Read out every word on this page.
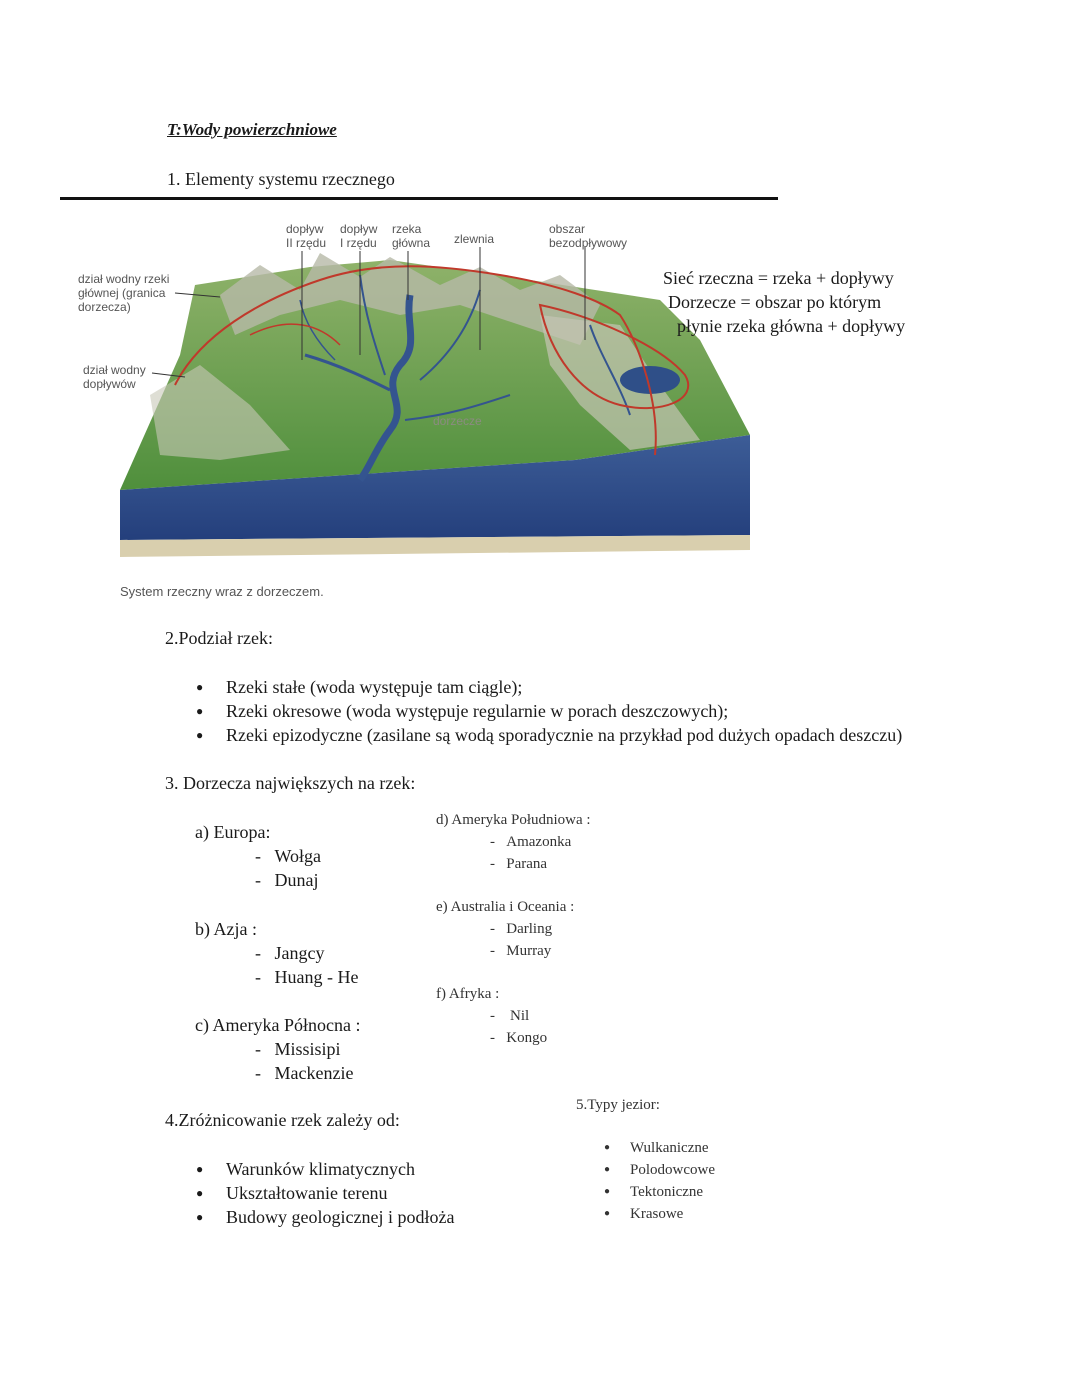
T:Wody powierzchniowe
1. Elementy systemu rzecznego
dopływ
II rzędu
dopływ
I rzędu
rzeka
główna zlewnia
obszar
bezodpływowy
dział wodny rzeki
głównej (granica
dorzecza)
dział wodny
dopływów
dorzecze
System rzeczny wraz z dorzeczem.
Sieć rzeczna = rzeka + dopływy
Dorzecze = obszar po którym
płynie rzeka główna + dopływy
2.Podział rzek:
● Rzeki stałe (woda występuje tam ciągle);
● Rzeki okresowe (woda występuje regularnie w porach deszczowych);
● Rzeki epizodyczne (zasilane są wodą sporadycznie na przykład pod dużych opadach deszczu)
3. Dorzecza największych na rzek:
a) Europa:
-   Wołga
-   Dunaj
b) Azja :
-   Jangcy
-   Huang - He
c) Ameryka Północna :
-   Missisipi
-   Mackenzie
d) Ameryka Południowa :
-   Amazonka
-   Parana
e) Australia i Oceania :
-   Darling
-   Murray
f) Afryka :
-    Nil
-   Kongo
4.Zróżnicowanie rzek zależy od:
● Warunków klimatycznych
● Ukształtowanie terenu
● Budowy geologicznej i podłoża
5.Typy jezior:
● Wulkaniczne
● Polodowcowe
● Tektoniczne
● Krasowe
